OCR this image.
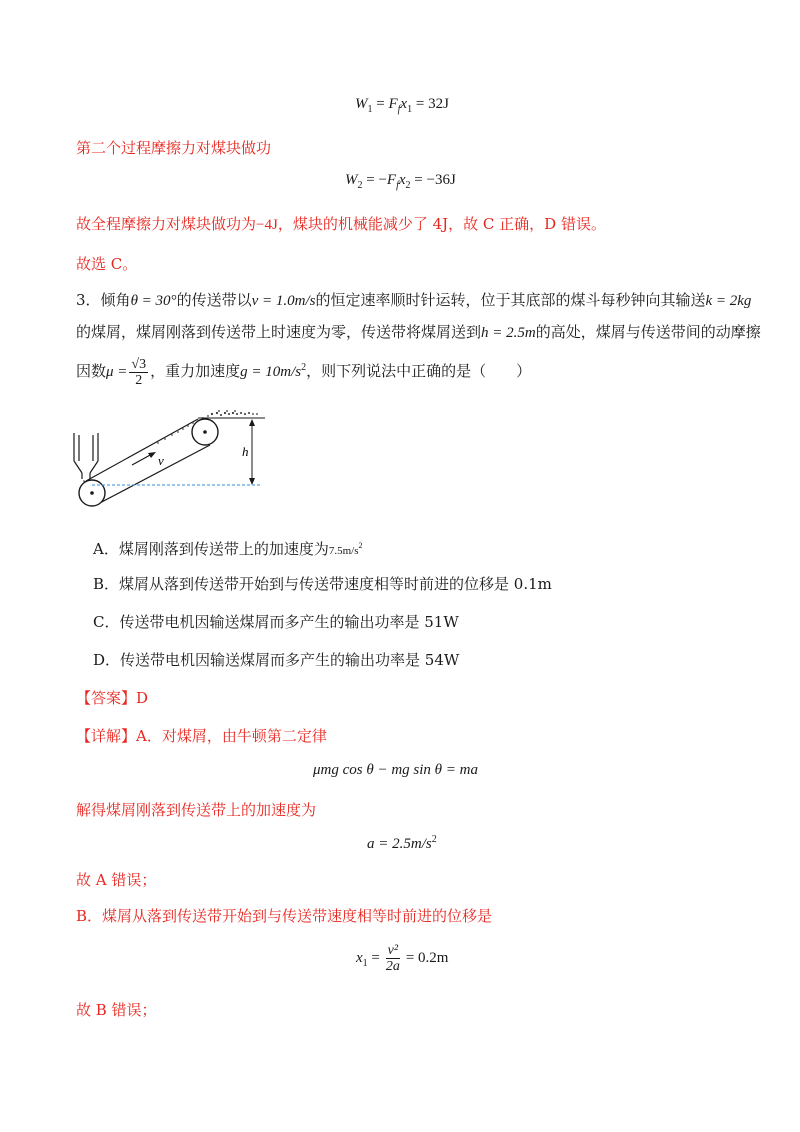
$W_1 = F_fx_1 = 32J$
第二个过程摩擦力对煤块做功
$W_2 = -F_fx_2 = -36J$
故全程摩擦力对煤块做功为−4J，煤块的机械能减少了 4J，故 C 正确，D 错误。
故选 C。
3．倾角θ = 30°的传送带以v = 1.0m/s的恒定速率顺时针运转，位于其底部的煤斗每秒钟向其输送k = 2kg
的煤屑，煤屑刚落到传送带上时速度为零，传送带将煤屑送到h = 2.5m的高处，煤屑与传送带间的动摩擦
因数$\mu = \frac{√3}{2}$ ，重力加速度$g = 10m/s^2$，则下列说法中正确的是（　　）
v
h
A．煤屑刚落到传送带上的加速度为$7.5m/s^2$
B．煤屑从落到传送带开始到与传送带速度相等时前进的位移是 0.1m
C．传送带电机因输送煤屑而多产生的输出功率是 51W
D．传送带电机因输送煤屑而多产生的输出功率是 54W
【答案】D
【详解】A．对煤屑，由牛顿第二定律
μmg cos θ − mg sin θ = ma
解得煤屑刚落到传送带上的加速度为
$a = 2.5m/s^2$
故 A 错误；
B．煤屑从落到传送带开始到与传送带速度相等时前进的位移是
$x_1 = \frac{\text{v²}}{2a} = 0.2m$
故 B 错误；
